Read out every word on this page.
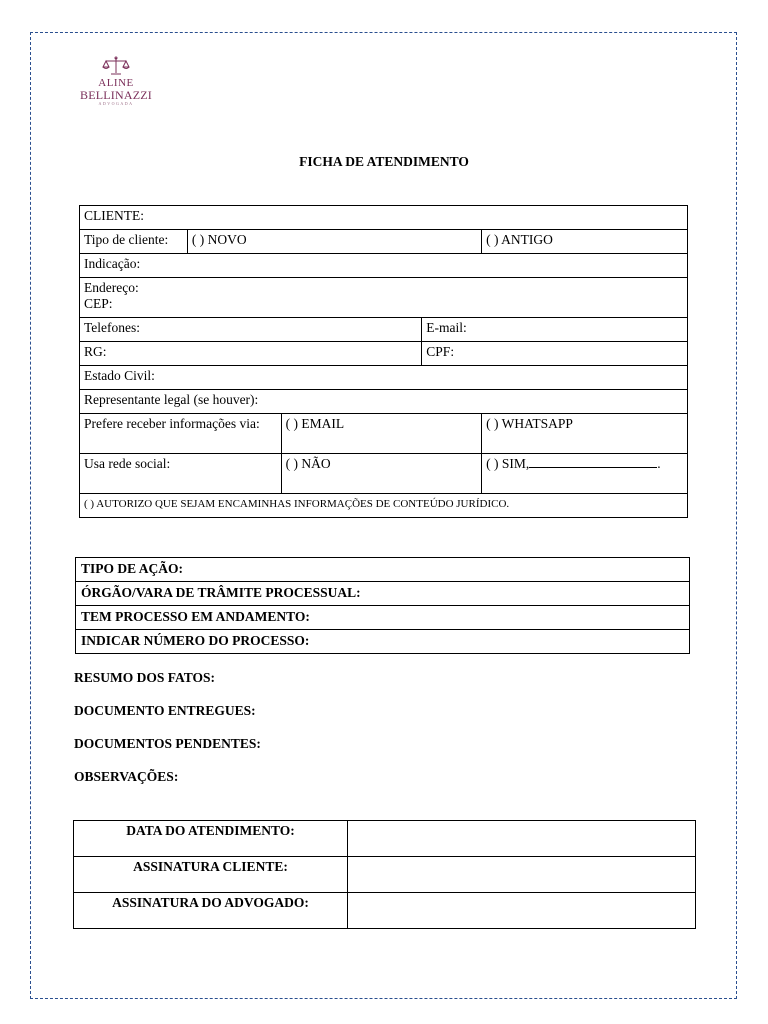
ALINE
BELLINAZZI
ADVOGADA
FICHA DE ATENDIMENTO
CLIENTE:				
Tipo de cliente:	( ) NOVO			( ) ANTIGO
Indicação:				

Endereço:
CEP:				

Telefones:			E-mail:	
RG:			CPF:	
Estado Civil:				
Representante legal (se houver):				
Prefere receber informações via:		( ) EMAIL		( ) WHATSAPP
Usa rede social:		( ) NÃO		( ) SIM, .
( ) AUTORIZO QUE SEJAM ENCAMINHAS INFORMAÇÕES DE CONTEÚDO JURÍDICO.				
TIPO DE AÇÃO:
ÓRGÃO/VARA DE TRÂMITE PROCESSUAL:
TEM PROCESSO EM ANDAMENTO:
INDICAR NÚMERO DO PROCESSO:
RESUMO DOS FATOS:
DOCUMENTO ENTREGUES:
DOCUMENTOS PENDENTES:
OBSERVAÇÕES:
DATA DO ATENDIMENTO:	
ASSINATURA CLIENTE:	
ASSINATURA DO ADVOGADO:	
